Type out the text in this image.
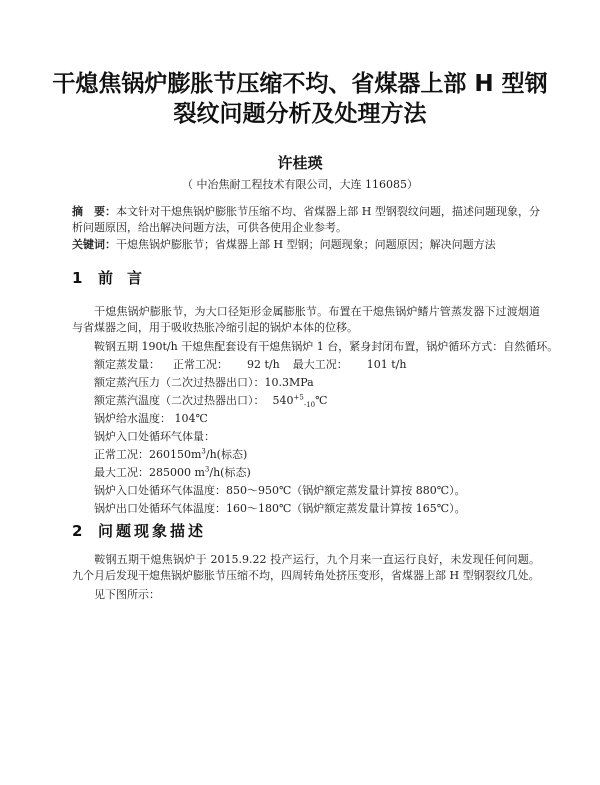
干熄焦锅炉膨胀节压缩不均、省煤器上部 H 型钢
裂纹问题分析及处理方法
许桂瑛
（ 中冶焦耐工程技术有限公司，大连 116085）
摘　要：本文针对干熄焦锅炉膨胀节压缩不均、省煤器上部 H 型钢裂纹问题，描述问题现象，分析问题原因，给出解决问题方法，可供各使用企业参考。
关键词：干熄焦锅炉膨胀节；省煤器上部 H 型钢；问题现象；问题原因；解决问题方法
1 前言
干熄焦锅炉膨胀节，为大口径矩形金属膨胀节。布置在干熄焦锅炉鳍片管蒸发器下过渡烟道与省煤器之间，用于吸收热胀冷缩引起的锅炉本体的位移。
鞍钢五期 190t/h 干熄焦配套设有干熄焦锅炉 1 台，紧身封闭布置，锅炉循环方式：自然循环。
额定蒸发量： 正常工况： 92 t/h 最大工况： 101 t/h
额定蒸汽压力（二次过热器出口）：10.3MPa
额定蒸汽温度（二次过热器出口）： $540^{+5}_{-10}℃$
锅炉给水温度： 104℃
锅炉入口处循环气体量：
正常工况：$260150m^3/h$(标态)
最大工况：285000 $m^3/h$(标态)
锅炉入口处循环气体温度：850～950℃（锅炉额定蒸发量计算按 880℃）。
锅炉出口处循环气体温度：160～180℃（锅炉额定蒸发量计算按 165℃）。
2 问题现象描述
鞍钢五期干熄焦锅炉于 2015.9.22 投产运行，九个月来一直运行良好，未发现任何问题。九个月后发现干熄焦锅炉膨胀节压缩不均，四周转角处挤压变形，省煤器上部 H 型钢裂纹几处。
见下图所示：
